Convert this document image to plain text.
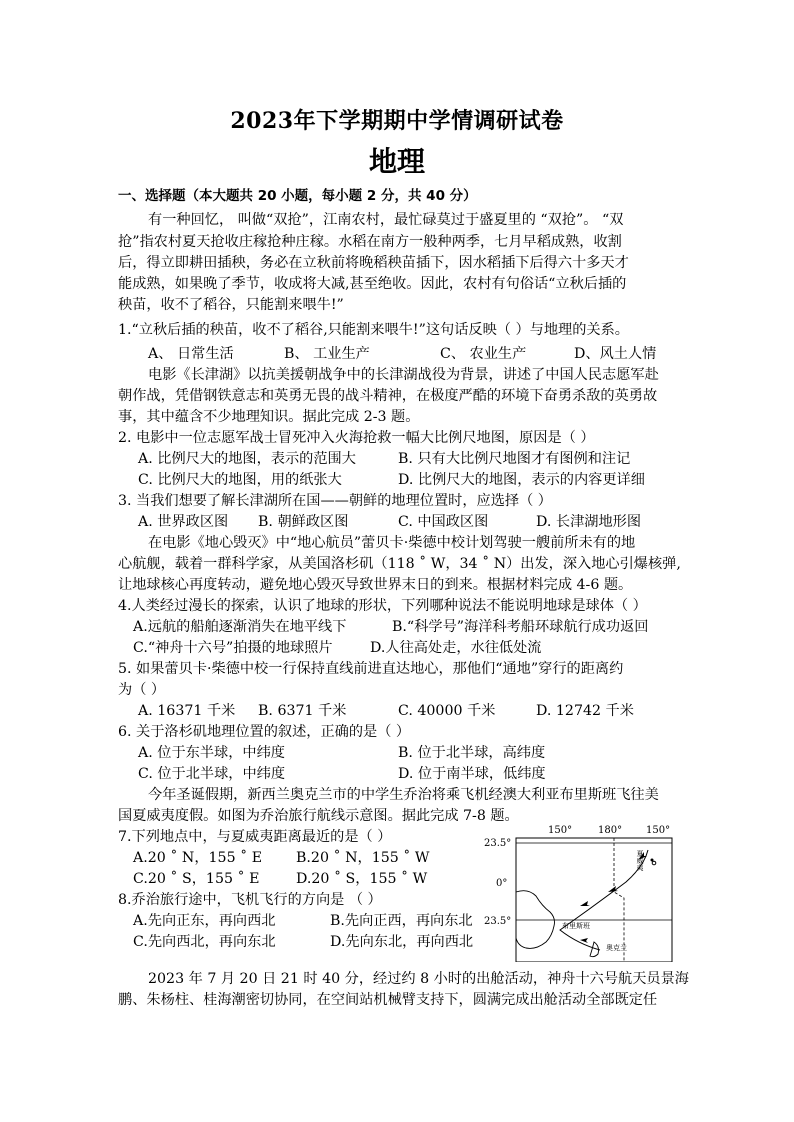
2023年下学期期中学情调研试卷
地理
一、选择题（本大题共 20 小题，每小题 2 分，共 40 分）
有一种回忆， 叫做“双抢”，江南农村，最忙碌莫过于盛夏里的 “双抢”。 “双
抢”指农村夏天抢收庄稼抢种庄稼。水稻在南方一般种两季，七月早稻成熟，收割
后，得立即耕田插秧，务必在立秋前将晚稻秧苗插下，因水稻插下后得六十多天才
能成熟，如果晚了季节，收成将大减,甚至绝收。因此，农村有句俗话“立秋后插的
秧苗，收不了稻谷，只能割来喂牛!”
1.“立秋后插的秧苗，收不了稻谷,只能割来喂牛!”这句话反映（ ）与地理的关系。
A、 日常生活	B、 工业生产	C、 农业生产	D、风土人情
电影《长津湖》以抗美援朝战争中的长津湖战役为背景，讲述了中国人民志愿军赴
朝作战，凭借钢铁意志和英勇无畏的战斗精神，在极度严酷的环境下奋勇杀敌的英勇故
事，其中蕴含不少地理知识。据此完成 2-3 题。
2. 电影中一位志愿军战士冒死冲入火海抢救一幅大比例尺地图，原因是（ ）
A. 比例尺大的地图，表示的范围大	B. 只有大比例尺地图才有图例和注记
C. 比例尺大的地图，用的纸张大	D. 比例尺大的地图，表示的内容更详细
3. 当我们想要了解长津湖所在国——朝鲜的地理位置时，应选择（ ）
A. 世界政区图 B. 朝鲜政区图	C. 中国政区图	D. 长津湖地形图
在电影《地心毁灭》中“地心航员”蕾贝卡·柴德中校计划驾驶一艘前所未有的地
心航舰，载着一群科学家，从美国洛杉矶（118 ˚ W，34 ˚ N）出发，深入地心引爆核弹,
让地球核心再度转动，避免地心毁灭导致世界末日的到来。根据材料完成 4-6 题。
4.人类经过漫长的探索，认识了地球的形状，下列哪种说法不能说明地球是球体（ ）
A.远航的船舶逐渐消失在地平线下	B.“科学号”海洋科考船环球航行成功返回
C.“神舟十六号”拍摄的地球照片	D.人往高处走，水往低处流
5. 如果蕾贝卡·柴德中校一行保持直线前进直达地心，那他们“通地”穿行的距离约
为（ ）
A. 16371 千米 B. 6371 千米	C. 40000 千米	D. 12742 千米
6. 关于洛杉矶地理位置的叙述，正确的是（ ）
A. 位于东半球，中纬度	B. 位于北半球，高纬度
C. 位于北半球，中纬度	D. 位于南半球，低纬度
今年圣诞假期，新西兰奥克兰市的中学生乔治将乘飞机经澳大利亚布里斯班飞往美
国夏威夷度假。如图为乔治旅行航线示意图。据此完成 7-8 题。
7.下列地点中，与夏威夷距离最近的是（ ）
A.20 ˚ N，155 ˚ E B.20 ˚ N，155 ˚ W
C.20 ˚ S，155 ˚ E	D.20 ˚ S，155 ˚ W
8.乔治旅行途中，飞机飞行的方向是 （ ）
A.先向正东，再向西北	B.先向正西，再向东北
C.先向西北，再向东北	D.先向东北，再向西北
23.5°
0°
23.5°
150°	180° 150°
夏威夷
布里斯班
奥克兰
2023 年 7 月 20 日 21 时 40 分，经过约 8 小时的出舱活动，神舟十六号航天员景海
鹏、朱杨柱、桂海潮密切协同，在空间站机械臂支持下，圆满完成出舱活动全部既定任
